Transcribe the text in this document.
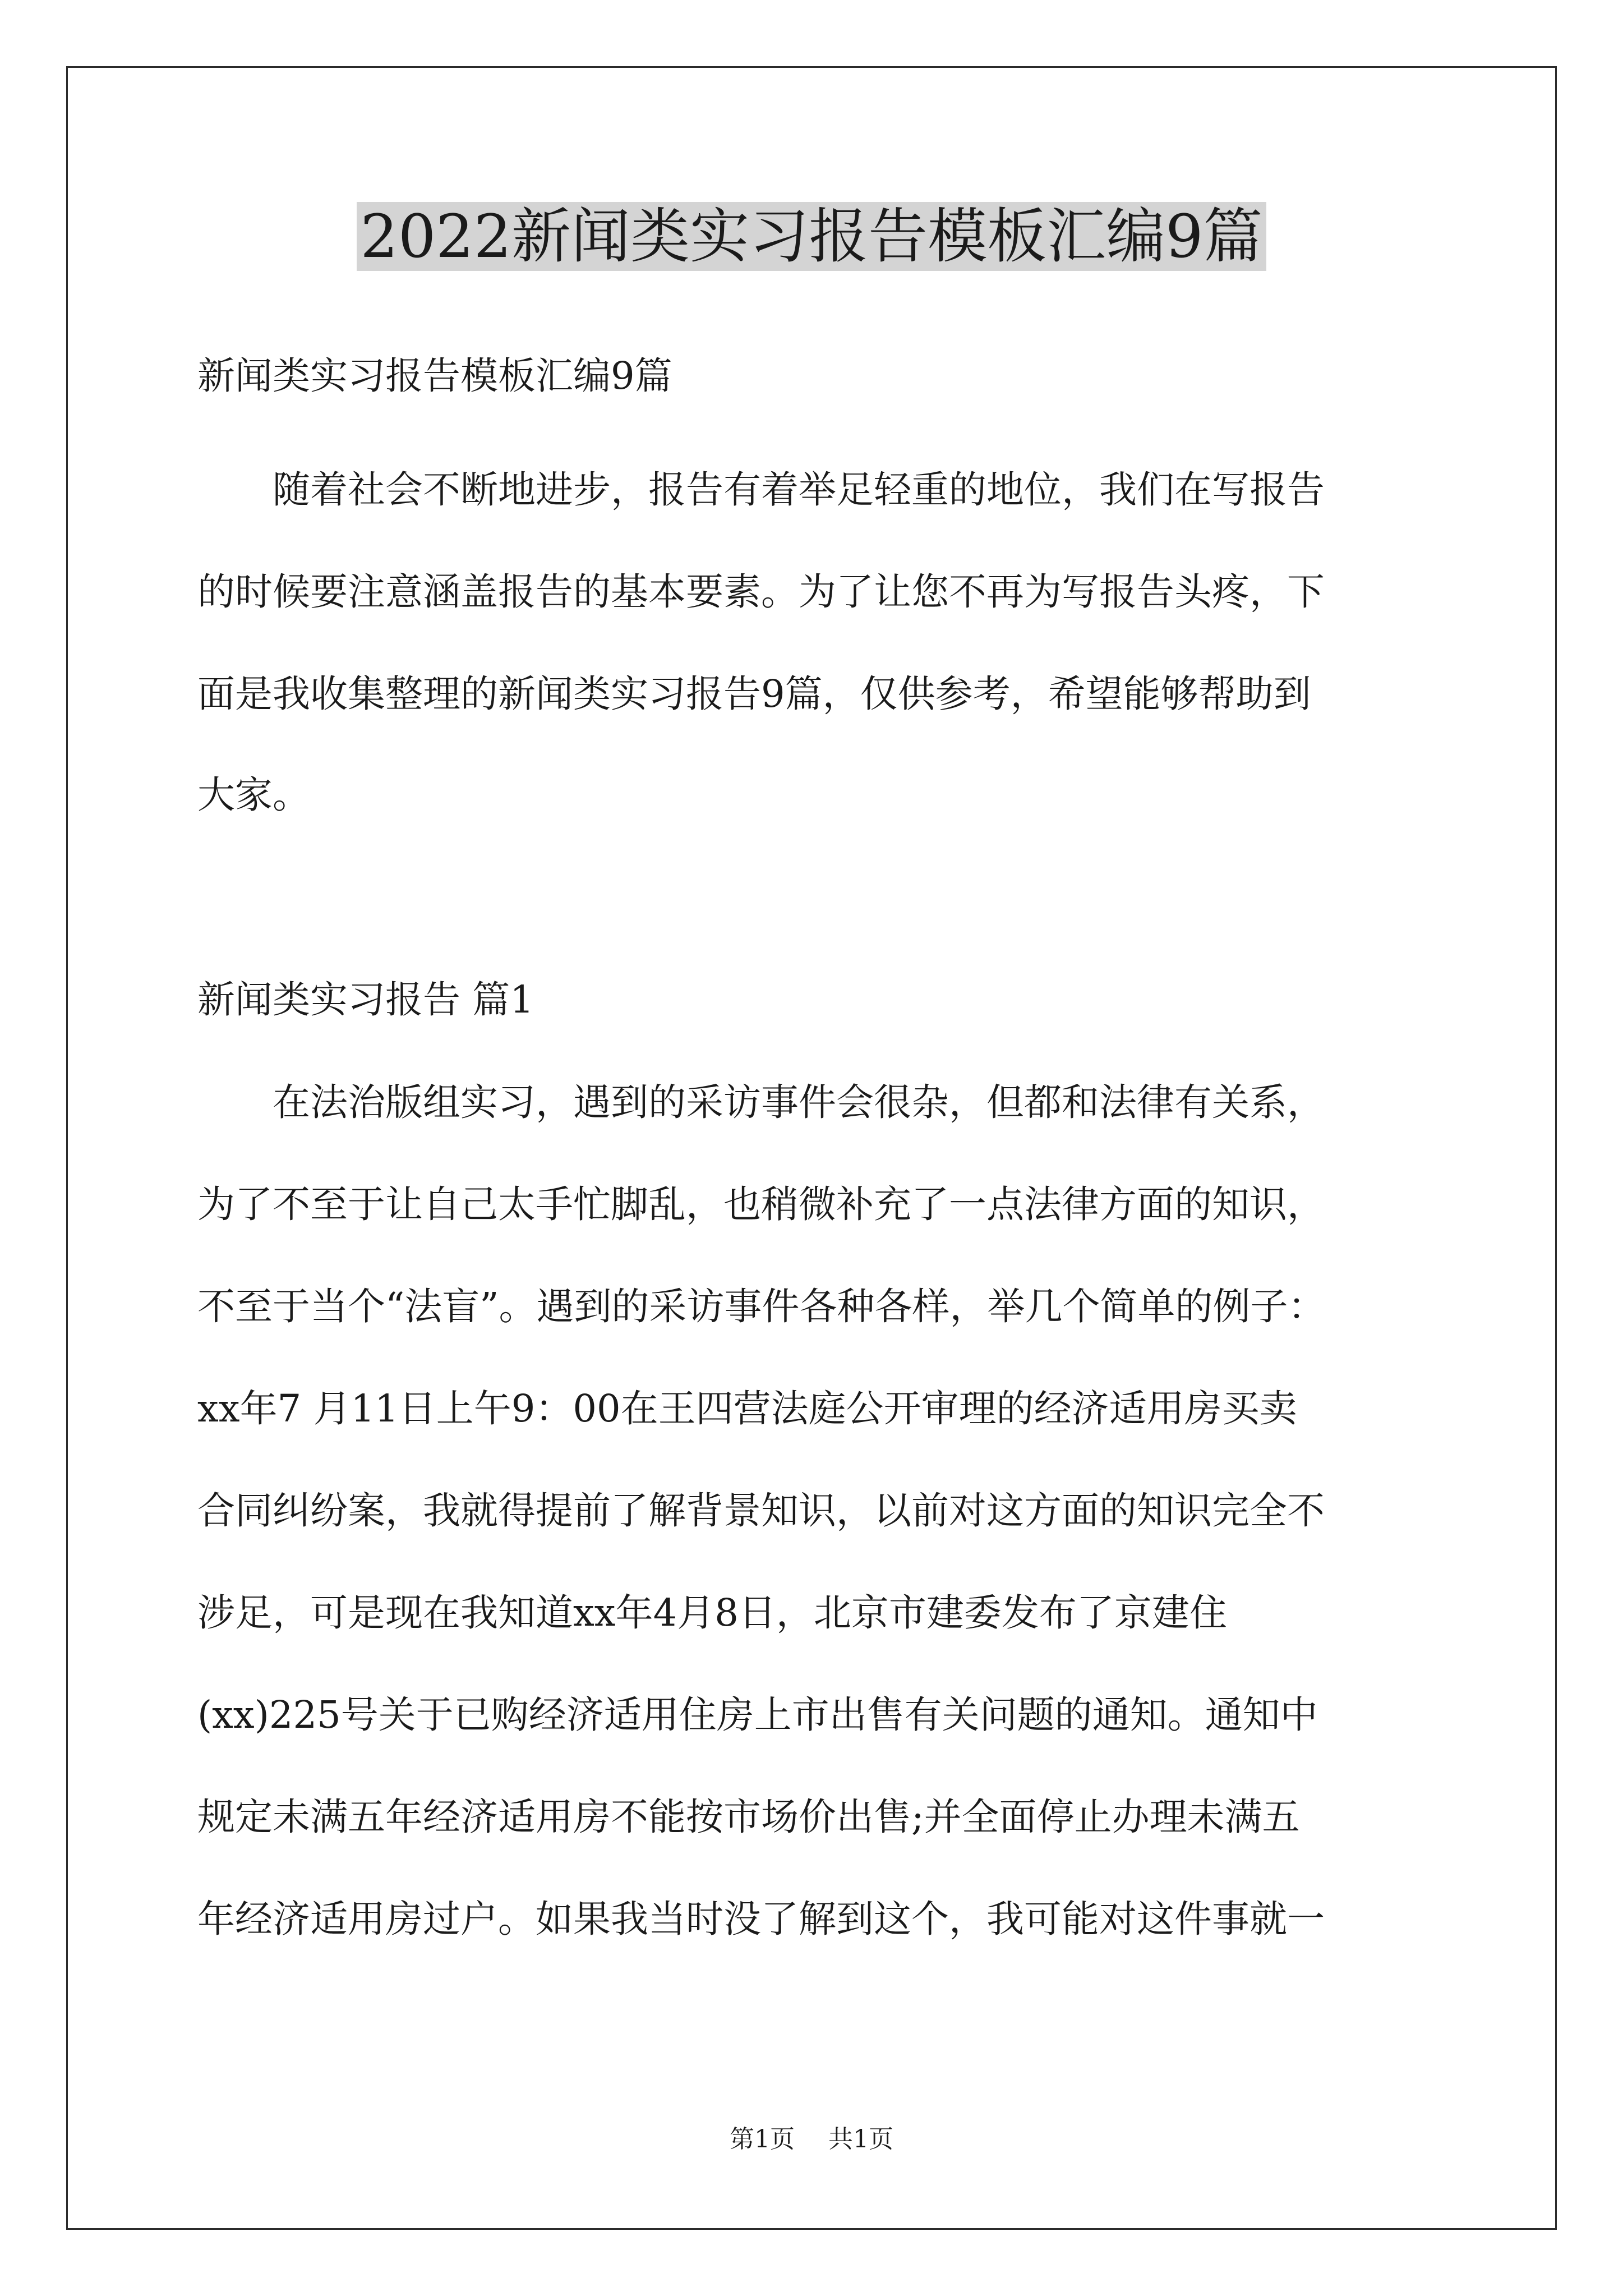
2022新闻类实习报告模板汇编9篇

新闻类实习报告模板汇编9篇

随着社会不断地进步，报告有着举足轻重的地位，我们在写报告

的时候要注意涵盖报告的基本要素。为了让您不再为写报告头疼，下

面是我收集整理的新闻类实习报告9篇，仅供参考，希望能够帮助到

大家。

新闻类实习报告 篇1

在法治版组实习，遇到的采访事件会很杂，但都和法律有关系，

为了不至于让自己太手忙脚乱，也稍微补充了一点法律方面的知识，

不至于当个“法盲”。遇到的采访事件各种各样，举几个简单的例子：

xx年7 月11日上午9：00在王四营法庭公开审理的经济适用房买卖

合同纠纷案，我就得提前了解背景知识，以前对这方面的知识完全不

涉足，可是现在我知道xx年4月8日，北京市建委发布了京建住

(xx)225号关于已购经济适用住房上市出售有关问题的通知。通知中

规定未满五年经济适用房不能按市场价出售;并全面停止办理未满五

年经济适用房过户。如果我当时没了解到这个，我可能对这件事就一

第1页 共1页
